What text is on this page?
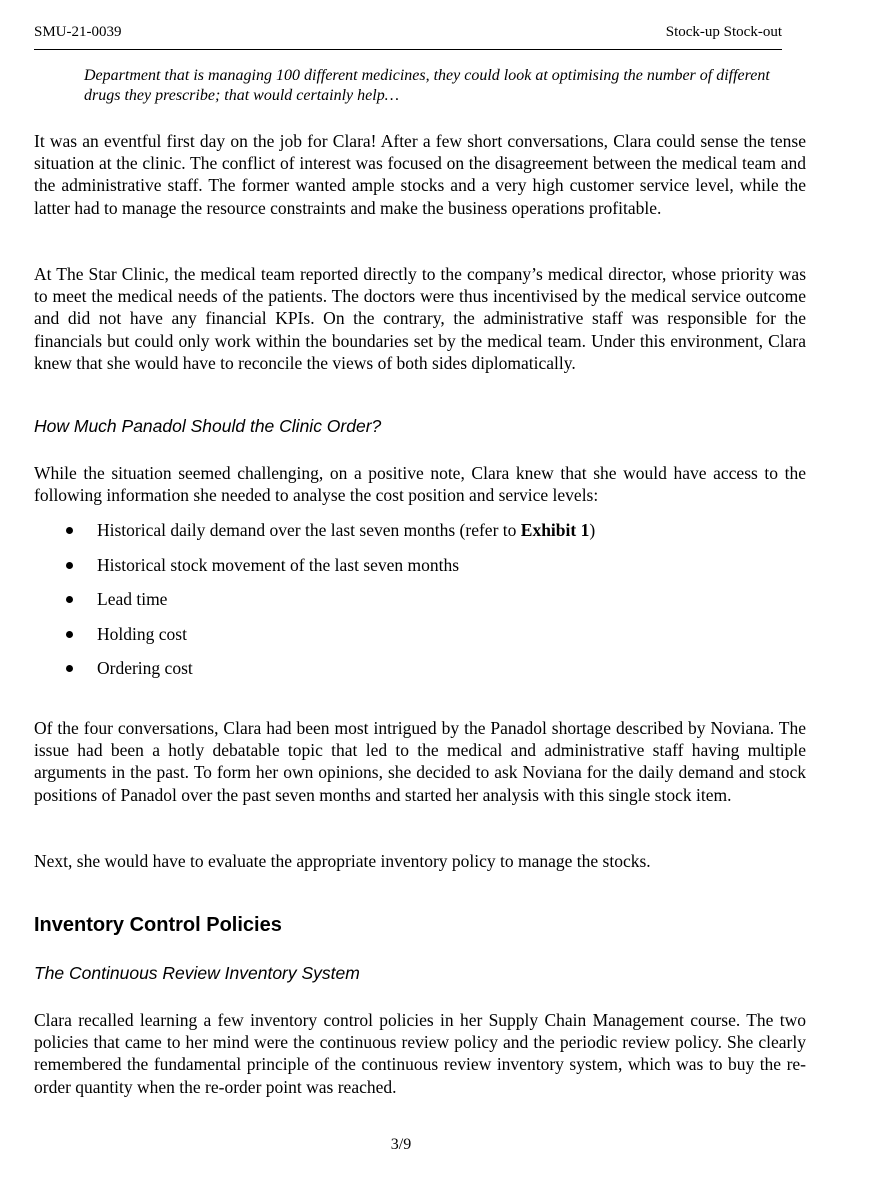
SMU-21-0039	Stock-up Stock-out
Department that is managing 100 different medicines, they could look at optimising the number of different drugs they prescribe; that would certainly help…
It was an eventful first day on the job for Clara! After a few short conversations, Clara could sense the tense situation at the clinic. The conflict of interest was focused on the disagreement between the medical team and the administrative staff. The former wanted ample stocks and a very high customer service level, while the latter had to manage the resource constraints and make the business operations profitable.
At The Star Clinic, the medical team reported directly to the company’s medical director, whose priority was to meet the medical needs of the patients. The doctors were thus incentivised by the medical service outcome and did not have any financial KPIs. On the contrary, the administrative staff was responsible for the financials but could only work within the boundaries set by the medical team. Under this environment, Clara knew that she would have to reconcile the views of both sides diplomatically.
How Much Panadol Should the Clinic Order?
While the situation seemed challenging, on a positive note, Clara knew that she would have access to the following information she needed to analyse the cost position and service levels:
Historical daily demand over the last seven months (refer to Exhibit 1)
Historical stock movement of the last seven months
Lead time
Holding cost
Ordering cost
Of the four conversations, Clara had been most intrigued by the Panadol shortage described by Noviana. The issue had been a hotly debatable topic that led to the medical and administrative staff having multiple arguments in the past. To form her own opinions, she decided to ask Noviana for the daily demand and stock positions of Panadol over the past seven months and started her analysis with this single stock item.
Next, she would have to evaluate the appropriate inventory policy to manage the stocks.
Inventory Control Policies
The Continuous Review Inventory System
Clara recalled learning a few inventory control policies in her Supply Chain Management course. The two policies that came to her mind were the continuous review policy and the periodic review policy. She clearly remembered the fundamental principle of the continuous review inventory system, which was to buy the re-order quantity when the re-order point was reached.
3/9
